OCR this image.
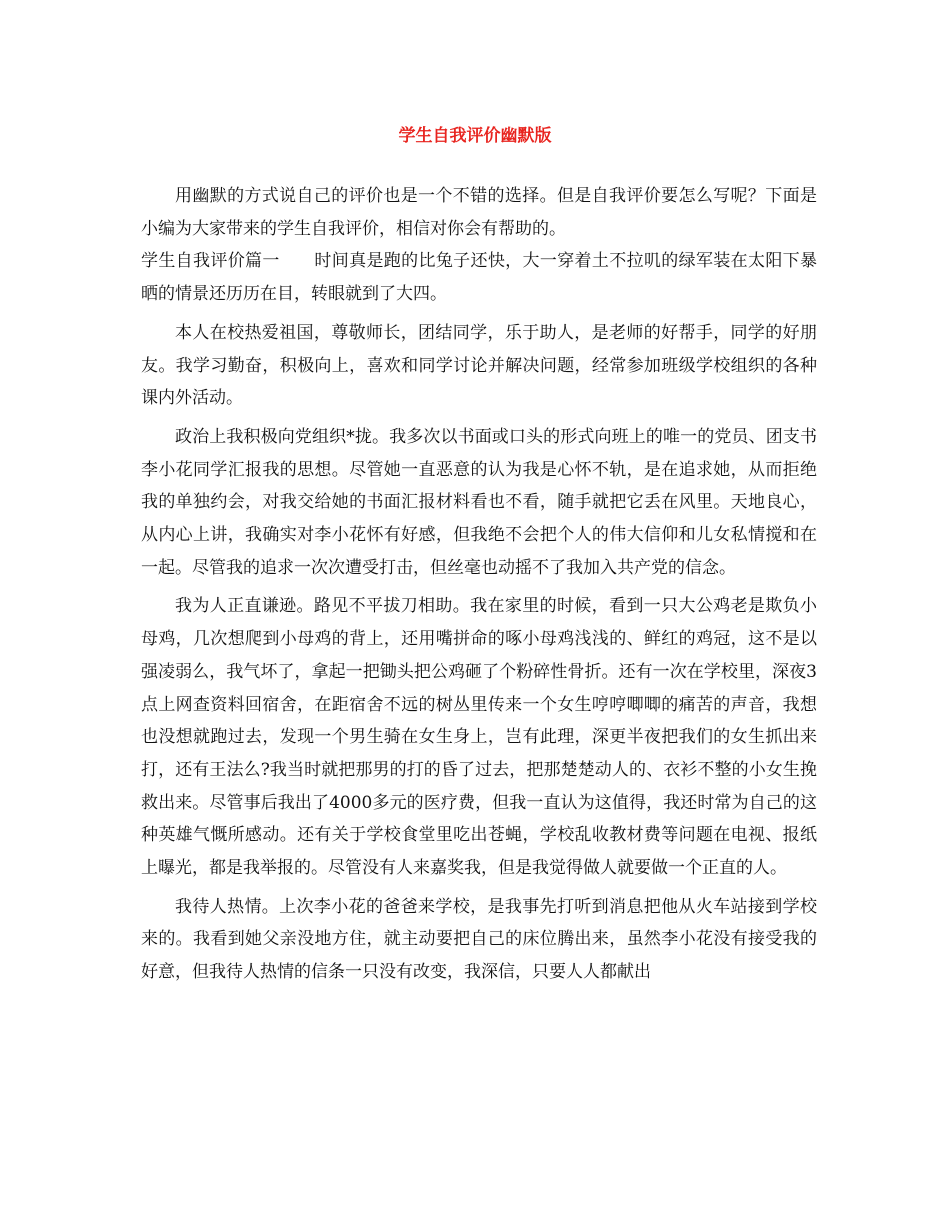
学生自我评价幽默版

用幽默的方式说自己的评价也是一个不错的选择。但是自我评价要怎么写呢？下面是小编为大家带来的学生自我评价，相信对你会有帮助的。

学生自我评价篇一　　时间真是跑的比兔子还快，大一穿着土不拉叽的绿军装在太阳下暴晒的情景还历历在目，转眼就到了大四。

本人在校热爱祖国，尊敬师长，团结同学，乐于助人，是老师的好帮手，同学的好朋友。我学习勤奋，积极向上，喜欢和同学讨论并解决问题，经常参加班级学校组织的各种课内外活动。

政治上我积极向党组织*拢。我多次以书面或口头的形式向班上的唯一的党员、团支书李小花同学汇报我的思想。尽管她一直恶意的认为我是心怀不轨，是在追求她，从而拒绝我的单独约会，对我交给她的书面汇报材料看也不看，随手就把它丢在风里。天地良心，从内心上讲，我确实对李小花怀有好感，但我绝不会把个人的伟大信仰和儿女私情搅和在一起。尽管我的追求一次次遭受打击，但丝毫也动摇不了我加入共产党的信念。

我为人正直谦逊。路见不平拔刀相助。我在家里的时候，看到一只大公鸡老是欺负小母鸡，几次想爬到小母鸡的背上，还用嘴拼命的啄小母鸡浅浅的、鲜红的鸡冠，这不是以强凌弱么，我气坏了，拿起一把锄头把公鸡砸了个粉碎性骨折。还有一次在学校里，深夜3点上网查资料回宿舍，在距宿舍不远的树丛里传来一个女生哼哼唧唧的痛苦的声音，我想也没想就跑过去，发现一个男生骑在女生身上，岂有此理，深更半夜把我们的女生抓出来打，还有王法么?我当时就把那男的打的昏了过去，把那楚楚动人的、衣衫不整的小女生挽救出来。尽管事后我出了4000多元的医疗费，但我一直认为这值得，我还时常为自己的这种英雄气慨所感动。还有关于学校食堂里吃出苍蝇，学校乱收教材费等问题在电视、报纸上曝光，都是我举报的。尽管没有人来嘉奖我，但是我觉得做人就要做一个正直的人。

我待人热情。上次李小花的爸爸来学校，是我事先打听到消息把他从火车站接到学校来的。我看到她父亲没地方住，就主动要把自己的床位腾出来，虽然李小花没有接受我的好意，但我待人热情的信条一只没有改变，我深信，只要人人都献出
